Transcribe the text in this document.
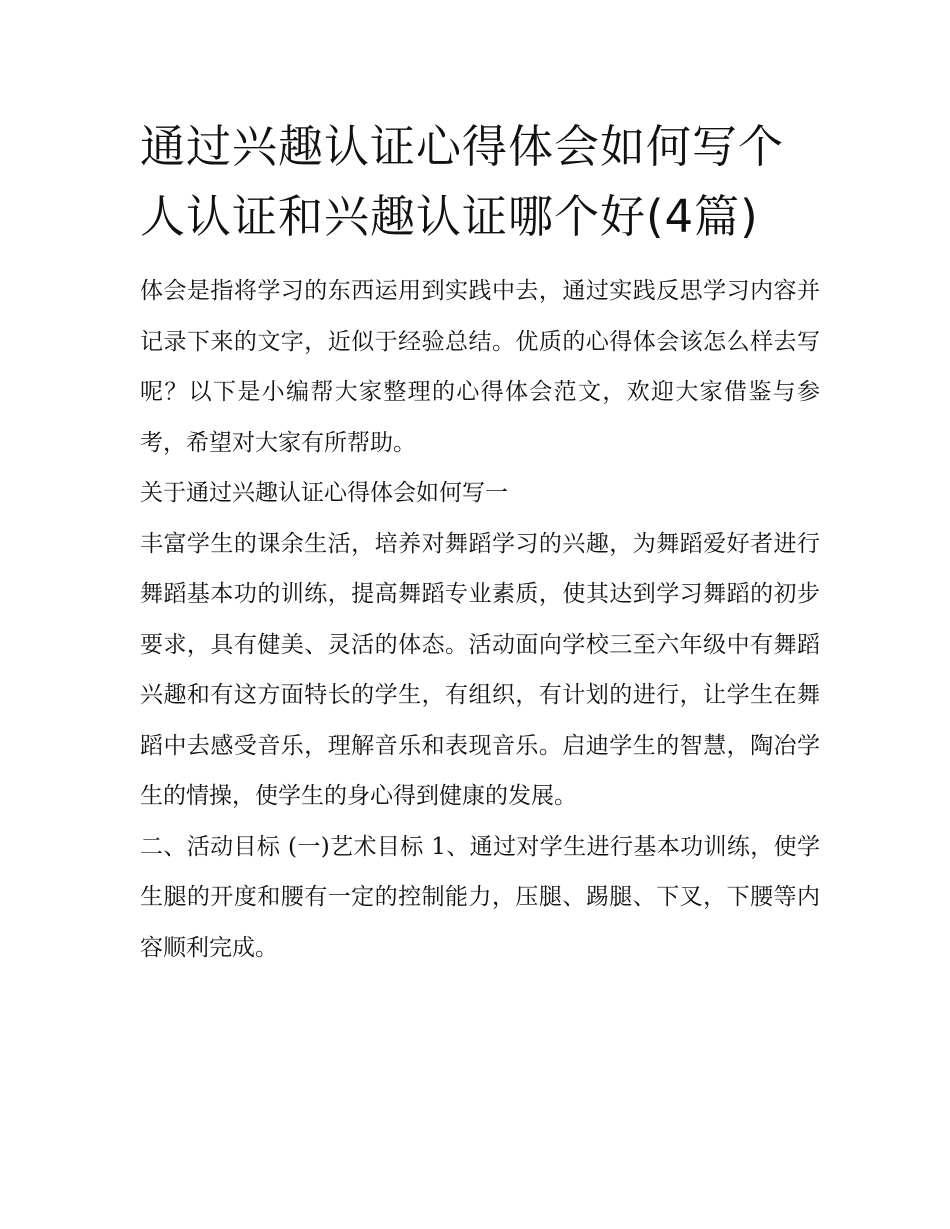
通过兴趣认证心得体会如何写个人认证和兴趣认证哪个好(4篇)

体会是指将学习的东西运用到实践中去，通过实践反思学习内容并记录下来的文字，近似于经验总结。优质的心得体会该怎么样去写呢？以下是小编帮大家整理的心得体会范文，欢迎大家借鉴与参考，希望对大家有所帮助。

关于通过兴趣认证心得体会如何写一

丰富学生的课余生活，培养对舞蹈学习的兴趣，为舞蹈爱好者进行舞蹈基本功的训练，提高舞蹈专业素质，使其达到学习舞蹈的初步要求，具有健美、灵活的体态。活动面向学校三至六年级中有舞蹈兴趣和有这方面特长的学生，有组织，有计划的进行，让学生在舞蹈中去感受音乐，理解音乐和表现音乐。启迪学生的智慧，陶冶学生的情操，使学生的身心得到健康的发展。

二、活动目标 (一)艺术目标 1、通过对学生进行基本功训练，使学生腿的开度和腰有一定的控制能力，压腿、踢腿、下叉，下腰等内容顺利完成。
